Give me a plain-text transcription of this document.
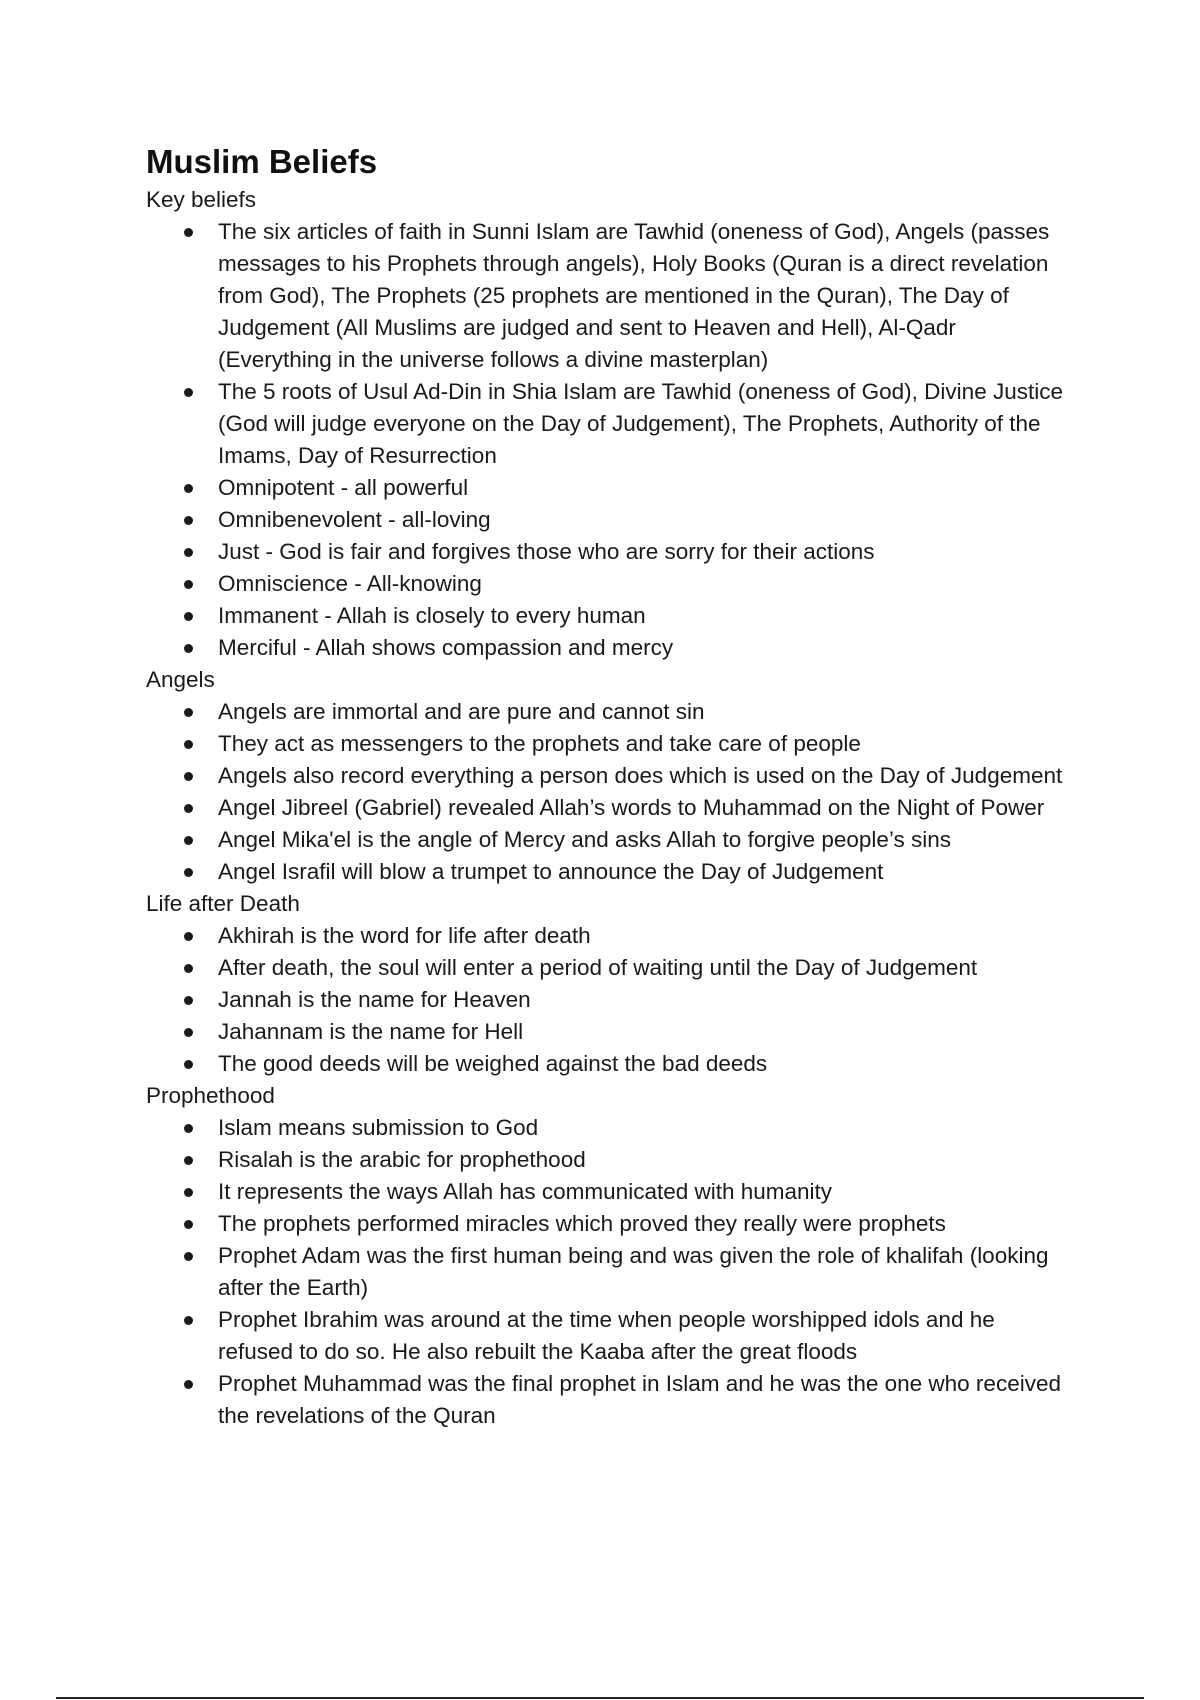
Muslim Beliefs
Key beliefs
The six articles of faith in Sunni Islam are Tawhid (oneness of God), Angels (passes messages to his Prophets through angels), Holy Books (Quran is a direct revelation from God), The Prophets (25 prophets are mentioned in the Quran), The Day of Judgement (All Muslims are judged and sent to Heaven and Hell), Al-Qadr (Everything in the universe follows a divine masterplan)
The 5 roots of Usul Ad-Din in Shia Islam are Tawhid (oneness of God), Divine Justice (God will judge everyone on the Day of Judgement), The Prophets, Authority of the Imams, Day of Resurrection
Omnipotent - all powerful
Omnibenevolent - all-loving
Just - God is fair and forgives those who are sorry for their actions
Omniscience - All-knowing
Immanent - Allah is closely to every human
Merciful - Allah shows compassion and mercy
Angels
Angels are immortal and are pure and cannot sin
They act as messengers to the prophets and take care of people
Angels also record everything a person does which is used on the Day of Judgement
Angel Jibreel (Gabriel) revealed Allah’s words to Muhammad on the Night of Power
Angel Mika'el is the angle of Mercy and asks Allah to forgive people’s sins
Angel Israfil will blow a trumpet to announce the Day of Judgement
Life after Death
Akhirah is the word for life after death
After death, the soul will enter a period of waiting until the Day of Judgement
Jannah is the name for Heaven
Jahannam is the name for Hell
The good deeds will be weighed against the bad deeds
Prophethood
Islam means submission to God
Risalah is the arabic for prophethood
It represents the ways Allah has communicated with humanity
The prophets performed miracles which proved they really were prophets
Prophet Adam was the first human being and was given the role of khalifah (looking after the Earth)
Prophet Ibrahim was around at the time when people worshipped idols and he refused to do so. He also rebuilt the Kaaba after the great floods
Prophet Muhammad was the final prophet in Islam and he was the one who received the revelations of the Quran
